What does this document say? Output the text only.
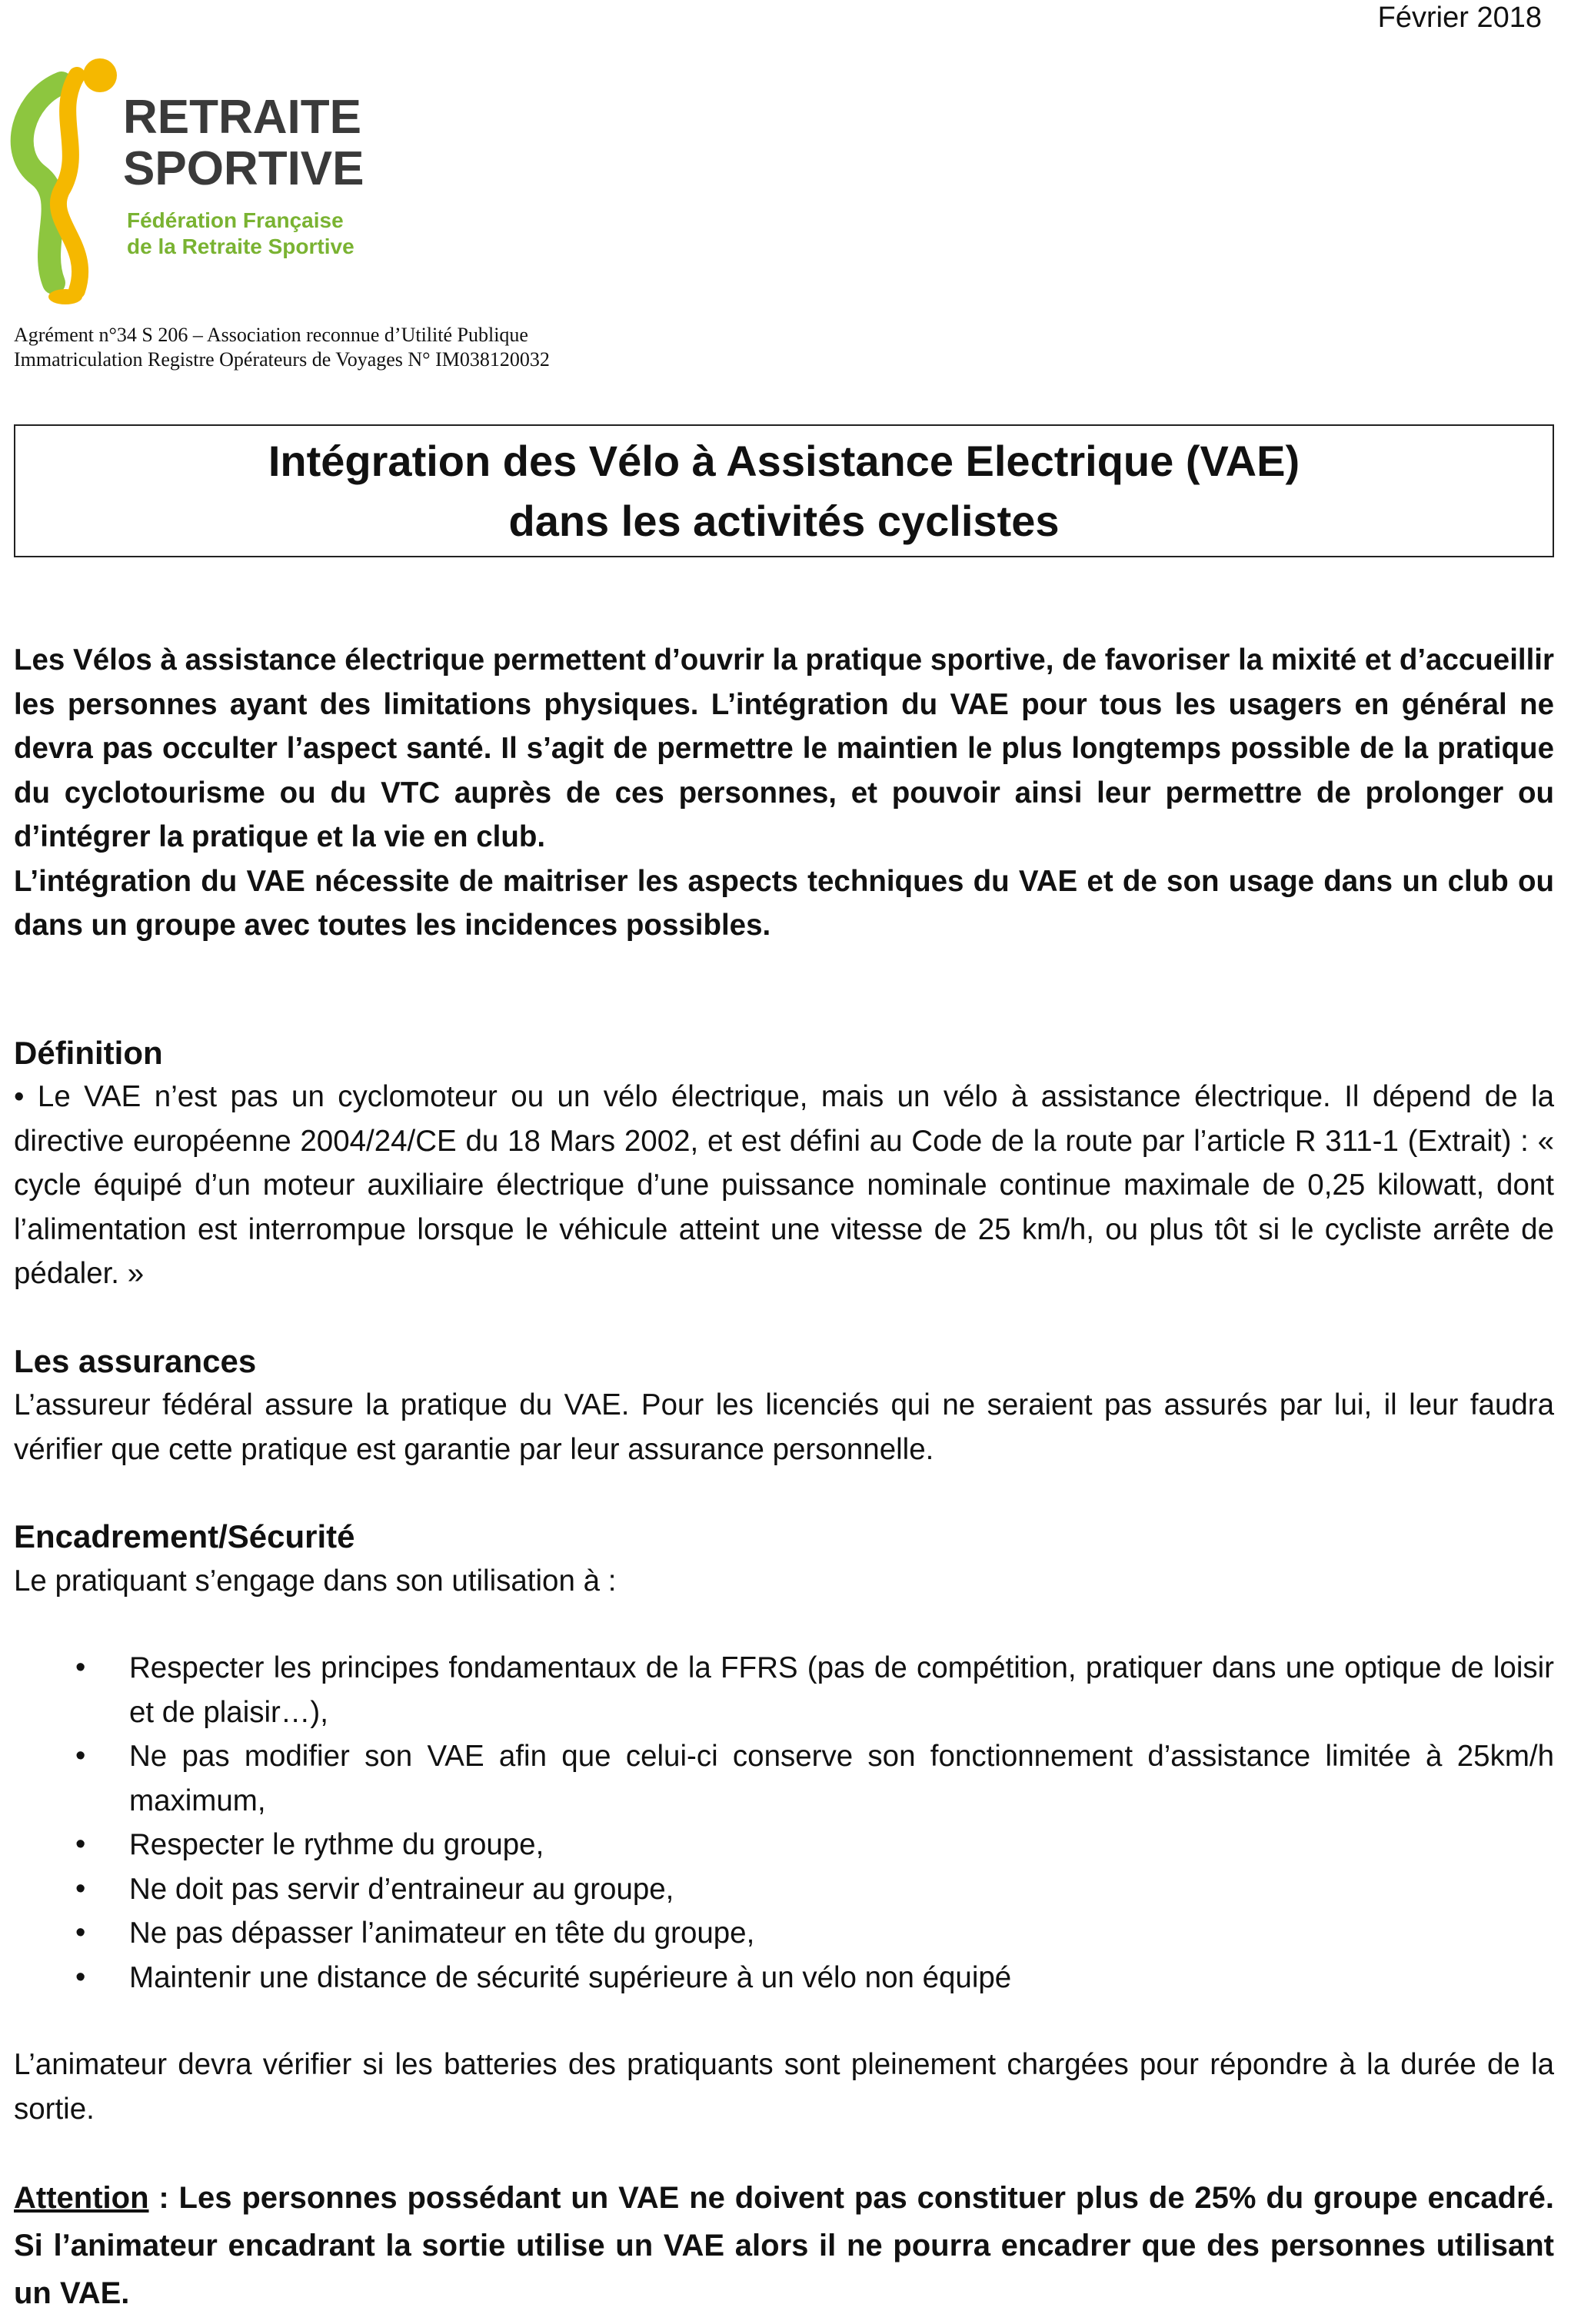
Février 2018
RETRAITE
SPORTIVE
Fédération Française
de la Retraite Sportive
Agrément n°34 S 206 – Association reconnue d’Utilité Publique
Immatriculation Registre Opérateurs de Voyages N° IM038120032
Intégration des Vélo à Assistance Electrique (VAE)
dans les activités cyclistes

Les Vélos à assistance électrique permettent d’ouvrir la pratique sportive, de favoriser la mixité et d’accueillir les personnes ayant des limitations physiques. L’intégration du VAE pour tous les usagers en général ne devra pas occulter l’aspect santé. Il s’agit de permettre le maintien le plus longtemps possible de la pratique du cyclotourisme ou du VTC auprès de ces personnes, et pouvoir ainsi leur permettre de prolonger ou d’intégrer la pratique et la vie en club.

L’intégration du VAE nécessite de maitriser les aspects techniques du VAE et de son usage dans un club ou dans un groupe avec toutes les incidences possibles.

Définition

• Le VAE n’est pas un cyclomoteur ou un vélo électrique, mais un vélo à assistance électrique. Il dépend de la directive européenne 2004/24/CE du 18 Mars 2002, et est défini au Code de la route par l’article R 311-1 (Extrait) : « cycle équipé d’un moteur auxiliaire électrique d’une puissance nominale continue maximale de 0,25 kilowatt, dont l’alimentation est interrompue lorsque le véhicule atteint une vitesse de 25 km/h, ou plus tôt si le cycliste arrête de pédaler. »

Les assurances

L’assureur fédéral assure la pratique du VAE. Pour les licenciés qui ne seraient pas assurés par lui, il leur faudra vérifier que cette pratique est garantie par leur assurance personnelle.

Encadrement/Sécurité

Le pratiquant s’engage dans son utilisation à :

• Respecter les principes fondamentaux de la FFRS (pas de compétition, pratiquer dans une optique de loisir et de plaisir…),
• Ne pas modifier son VAE afin que celui-ci conserve son fonctionnement d’assistance limitée à 25km/h maximum,
• Respecter le rythme du groupe,
• Ne doit pas servir d’entraineur au groupe,
• Ne pas dépasser l’animateur en tête du groupe,
• Maintenir une distance de sécurité supérieure à un vélo non équipé

L’animateur devra vérifier si les batteries des pratiquants sont pleinement chargées pour répondre à la durée de la sortie.

Attention : Les personnes possédant un VAE ne doivent pas constituer plus de 25% du groupe encadré. Si l’animateur encadrant la sortie utilise un VAE alors il ne pourra encadrer que des personnes utilisant un VAE.
